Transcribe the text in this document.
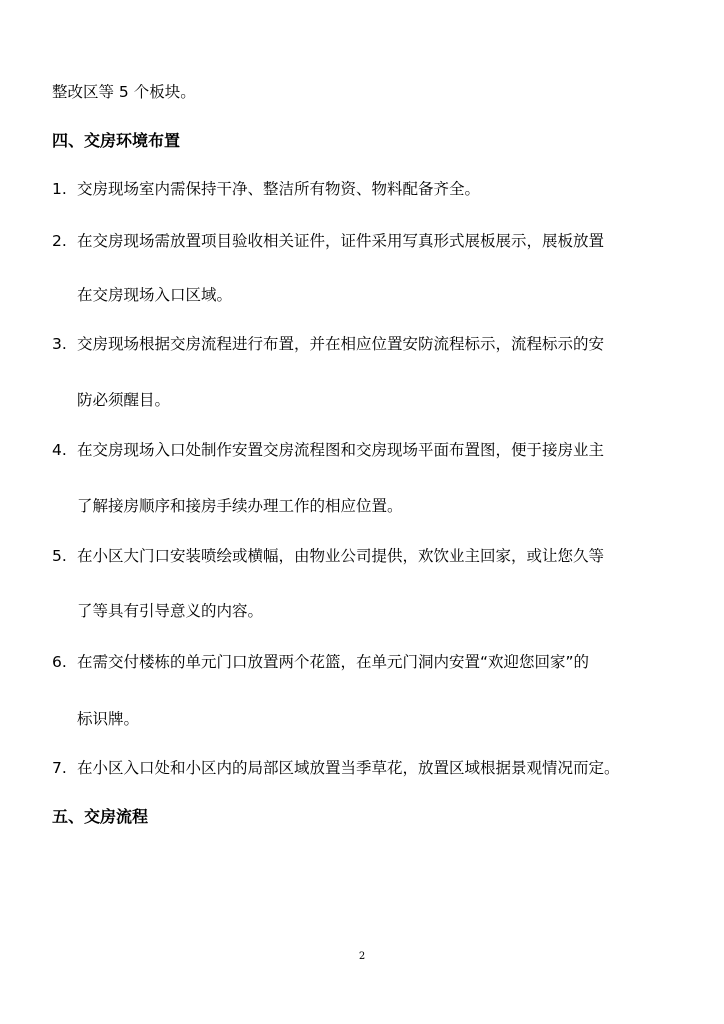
整改区等 5 个板块。
四、交房环境布置
1. 交房现场室内需保持干净、整洁所有物资、物料配备齐全。
2. 在交房现场需放置项目验收相关证件，证件采用写真形式展板展示，展板放置
在交房现场入口区域。
3. 交房现场根据交房流程进行布置，并在相应位置安防流程标示，流程标示的安
防必须醒目。
4. 在交房现场入口处制作安置交房流程图和交房现场平面布置图，便于接房业主
了解接房顺序和接房手续办理工作的相应位置。
5. 在小区大门口安装喷绘或横幅，由物业公司提供，欢饮业主回家，或让您久等
了等具有引导意义的内容。
6. 在需交付楼栋的单元门口放置两个花篮，在单元门洞内安置“欢迎您回家”的
标识牌。
7. 在小区入口处和小区内的局部区域放置当季草花，放置区域根据景观情况而定。
五、交房流程
2
